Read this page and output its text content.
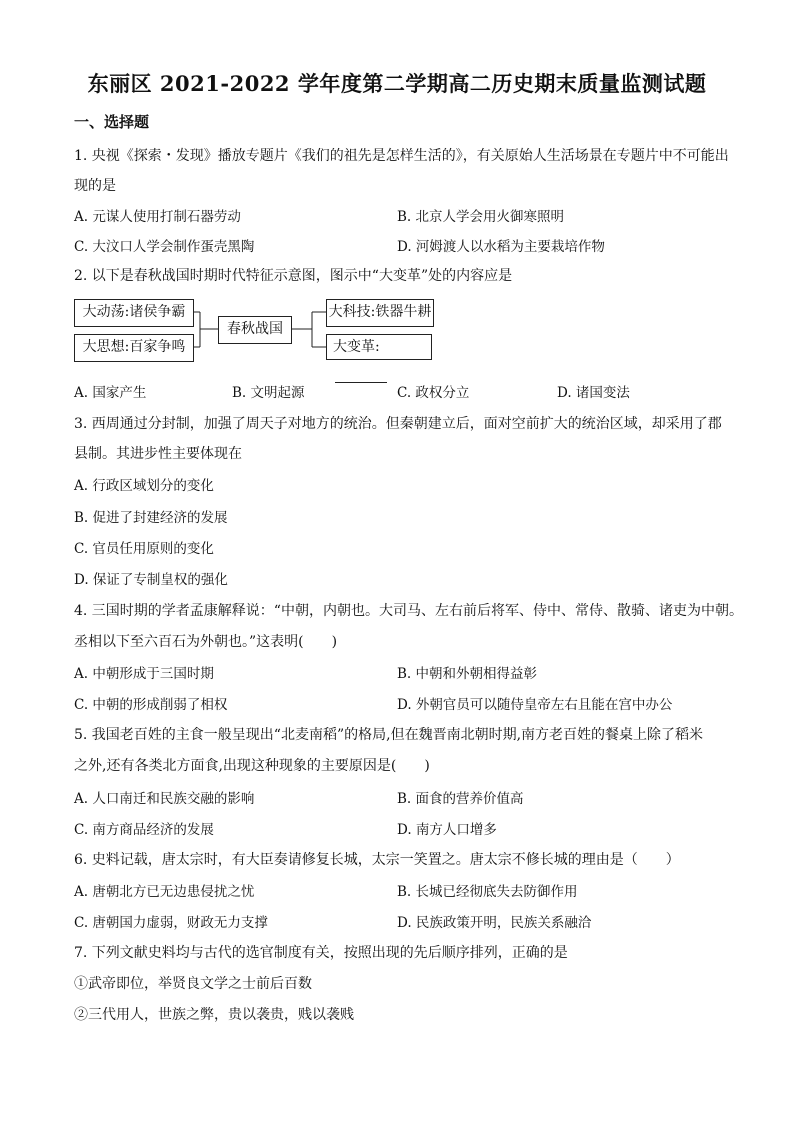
东丽区 2021-2022 学年度第二学期高二历史期末质量监测试题
一、选择题
1. 央视《探索・发现》播放专题片《我们的祖先是怎样生活的》，有关原始人生活场景在专题片中不可能出
现的是
A. 元谋人使用打制石器劳动	B. 北京人学会用火御寒照明
C. 大汶口人学会制作蛋壳黑陶	D. 河姆渡人以水稻为主要栽培作物
2. 以下是春秋战国时期时代特征示意图，图示中“大变革”处的内容应是
大动荡:诸侯争霸
大思想:百家争鸣
春秋战国
大科技:铁器牛耕
大变革:
A. 国家产生	B. 文明起源	C. 政权分立	D. 诸国变法
3. 西周通过分封制，加强了周天子对地方的统治。但秦朝建立后，面对空前扩大的统治区域，却采用了郡
县制。其进步性主要体现在
A. 行政区域划分的变化
B. 促进了封建经济的发展
C. 官员任用原则的变化
D. 保证了专制皇权的强化
4. 三国时期的学者孟康解释说：“中朝，内朝也。大司马、左右前后将军、侍中、常侍、散骑、诸吏为中朝。
丞相以下至六百石为外朝也。”这表明(　　)
A. 中朝形成于三国时期	B. 中朝和外朝相得益彰
C. 中朝的形成削弱了相权	D. 外朝官员可以随侍皇帝左右且能在宫中办公
5. 我国老百姓的主食一般呈现出“北麦南稻”的格局,但在魏晋南北朝时期,南方老百姓的餐桌上除了稻米
之外,还有各类北方面食,出现这种现象的主要原因是(　　)
A. 人口南迁和民族交融的影响	B. 面食的营养价值高
C. 南方商品经济的发展	D. 南方人口增多
6. 史料记载，唐太宗时，有大臣奏请修复长城，太宗一笑置之。唐太宗不修长城的理由是（　　）
A. 唐朝北方已无边患侵扰之忧	B. 长城已经彻底失去防御作用
C. 唐朝国力虚弱，财政无力支撑	D. 民族政策开明，民族关系融洽
7. 下列文献史料均与古代的选官制度有关，按照出现的先后顺序排列，正确的是
①武帝即位，举贤良文学之士前后百数
②三代用人，世族之弊，贵以袭贵，贱以袭贱
